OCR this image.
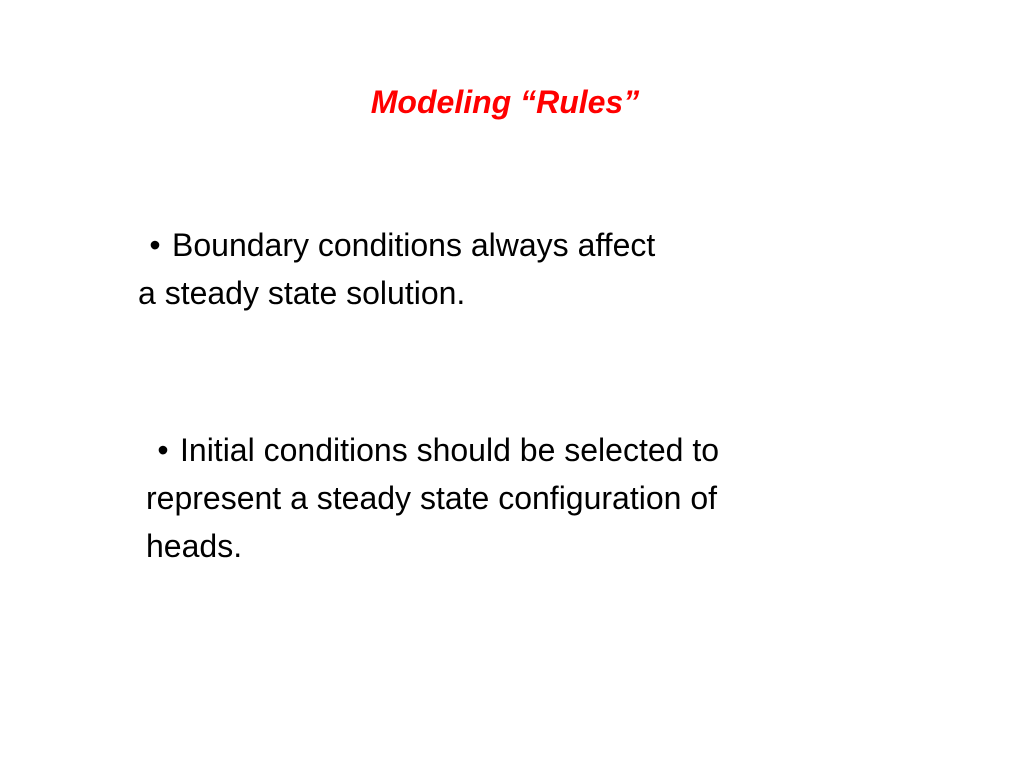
Modeling “Rules”
• Boundary conditions always affect
a steady state solution.
• Initial conditions should be selected to
represent a steady state configuration of
heads.
